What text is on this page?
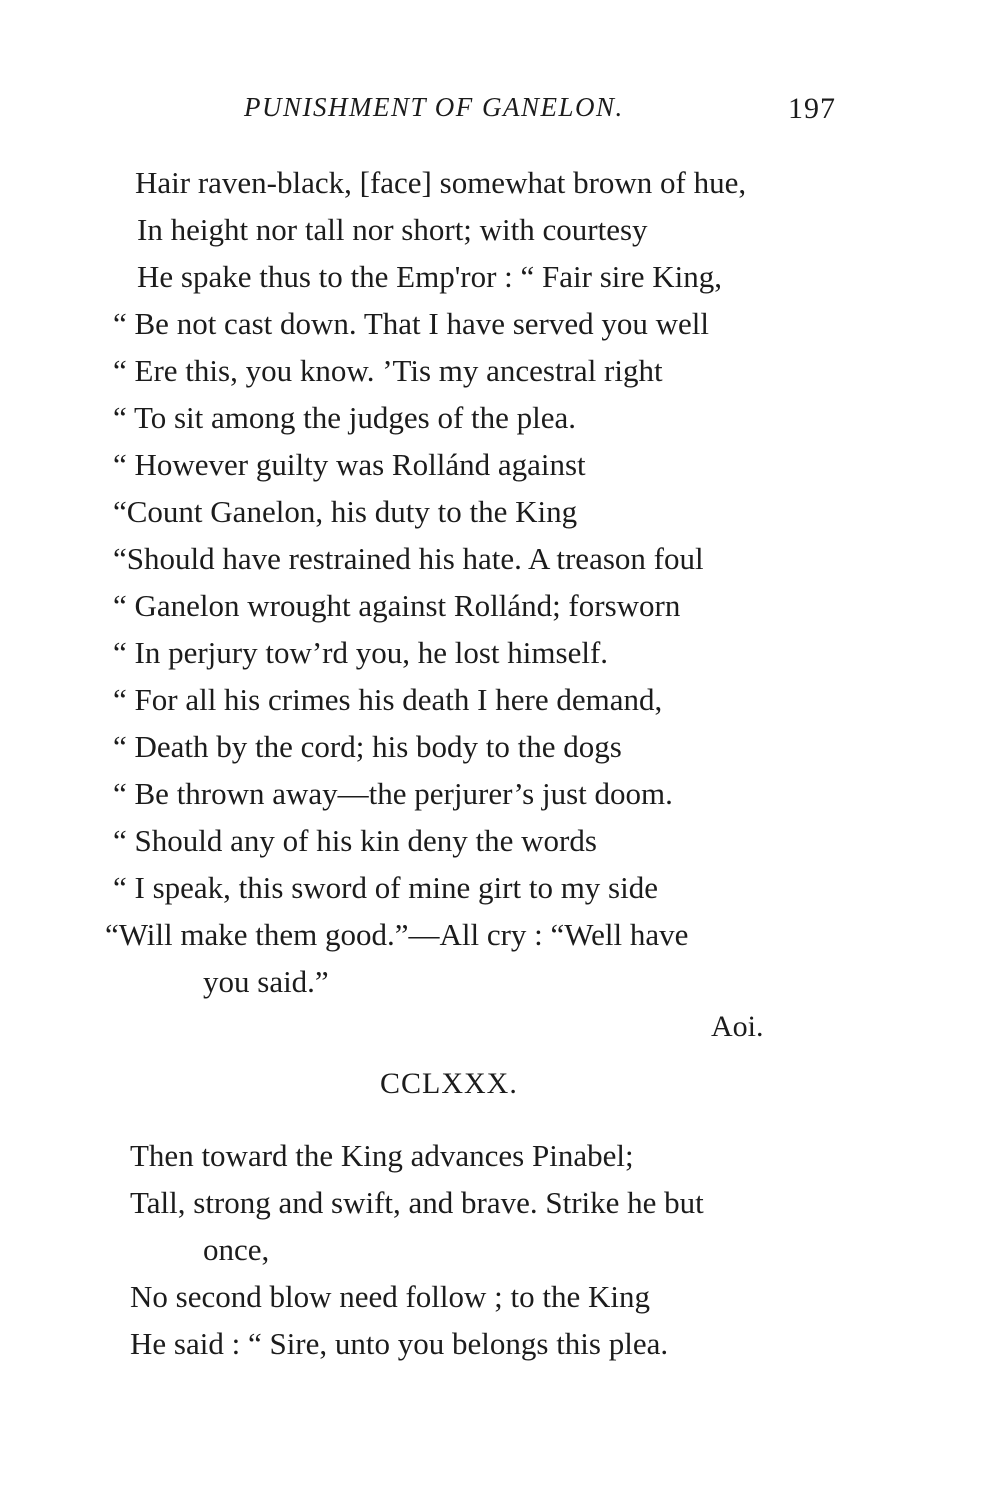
PUNISHMENT OF GANELON.	197
Hair raven-black, [face] somewhat brown of hue,
In height nor tall nor short; with courtesy
He spake thus to the Emp'ror : “ Fair sire King,
“ Be not cast down. That I have served you well
“ Ere this, you know. ’Tis my ancestral right
“ To sit among the judges of the plea.
“ However guilty was Rollánd against
“Count Ganelon, his duty to the King
“Should have restrained his hate. A treason foul
“ Ganelon wrought against Rollánd; forsworn
“ In perjury tow’rd you, he lost himself.
“ For all his crimes his death I here demand,
“ Death by the cord; his body to the dogs
“ Be thrown away—the perjurer’s just doom.
“ Should any of his kin deny the words
“ I speak, this sword of mine girt to my side
“Will make them good.”—All cry : “Well have
you said.”
Aoi.
CCLXXX.
Then toward the King advances Pinabel;
Tall, strong and swift, and brave. Strike he but
once,
No second blow need follow ; to the King
He said : “ Sire, unto you belongs this plea.
